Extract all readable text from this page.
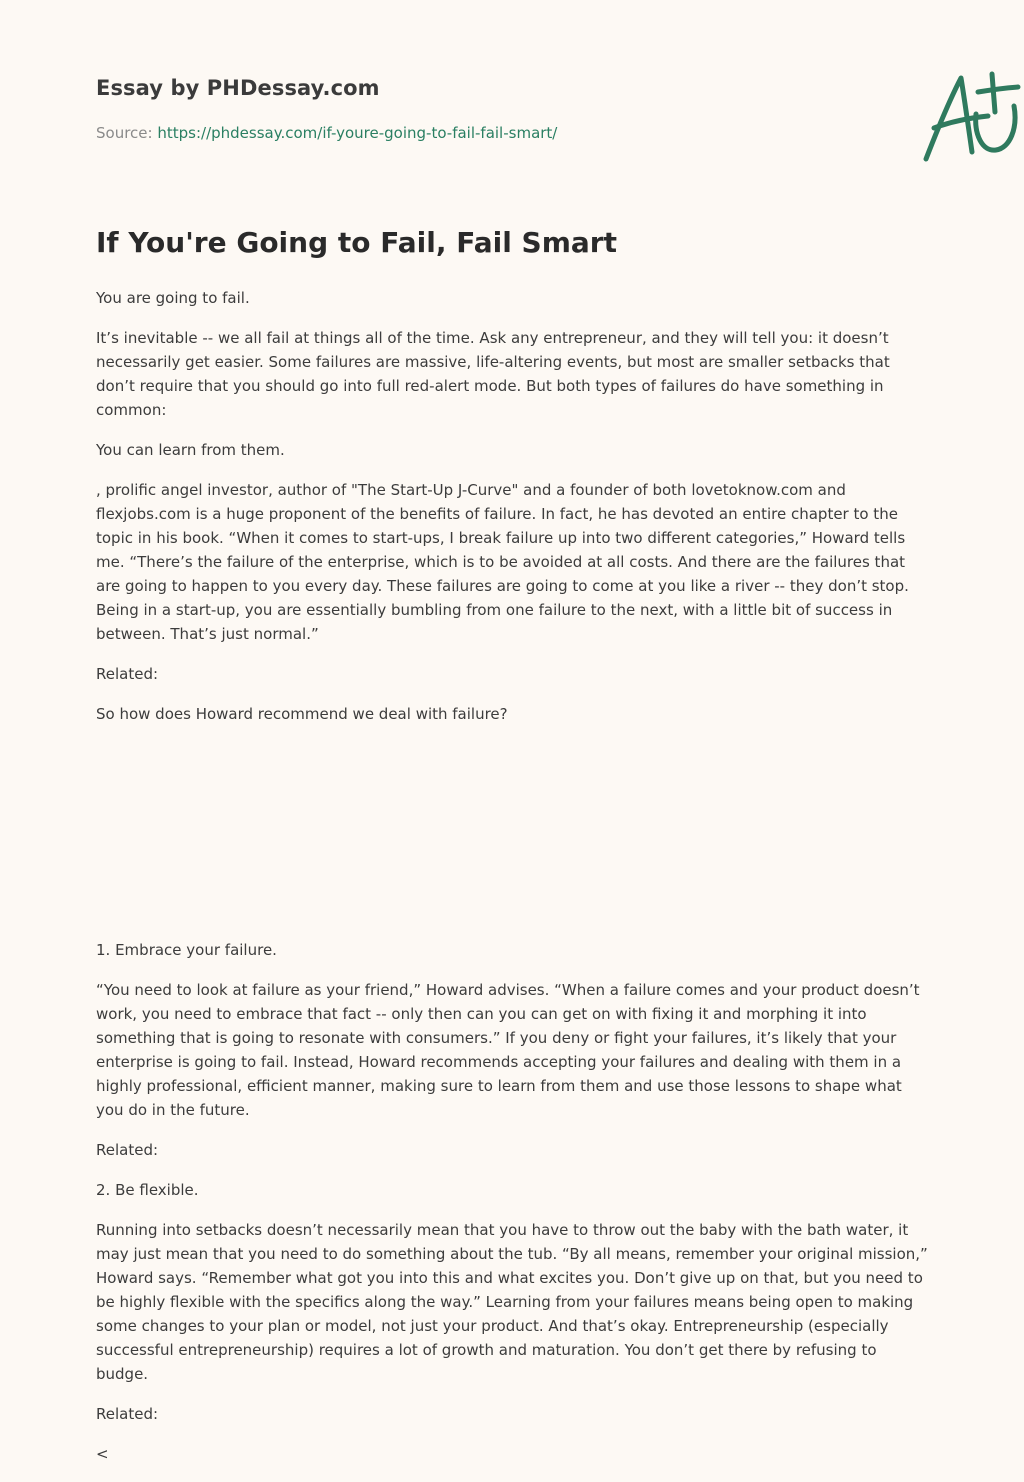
Essay by PHDessay.com
Source: https://phdessay.com/if-youre-going-to-fail-fail-smart/
If You're Going to Fail, Fail Smart

You are going to fail.

It’s inevitable -- we all fail at things all of the time. Ask any entrepreneur, and they will tell you: it doesn’t necessarily get easier. Some failures are massive, life-altering events, but most are smaller setbacks that don’t require that you should go into full red-alert mode. But both types of failures do have something in common:

You can learn from them.

, prolific angel investor, author of "The Start-Up J-Curve" and a founder of both lovetoknow.com and flexjobs.com is a huge proponent of the benefits of failure. In fact, he has devoted an entire chapter to the topic in his book. “When it comes to start-ups, I break failure up into two different categories,” Howard tells me. “There’s the failure of the enterprise, which is to be avoided at all costs. And there are the failures that are going to happen to you every day. These failures are going to come at you like a river -- they don’t stop. Being in a start-up, you are essentially bumbling from one failure to the next, with a little bit of success in between. That’s just normal.”

Related:

So how does Howard recommend we deal with failure?

1. Embrace your failure.

“You need to look at failure as your friend,” Howard advises. “When a failure comes and your product doesn’t work, you need to embrace that fact -- only then can you can get on with fixing it and morphing it into something that is going to resonate with consumers.” If you deny or fight your failures, it’s likely that your enterprise is going to fail. Instead, Howard recommends accepting your failures and dealing with them in a highly professional, efficient manner, making sure to learn from them and use those lessons to shape what you do in the future.

Related:

2. Be flexible.

Running into setbacks doesn’t necessarily mean that you have to throw out the baby with the bath water, it may just mean that you need to do something about the tub. “By all means, remember your original mission,” Howard says. “Remember what got you into this and what excites you. Don’t give up on that, but you need to be highly flexible with the specifics along the way.” Learning from your failures means being open to making some changes to your plan or model, not just your product. And that’s okay. Entrepreneurship (especially successful entrepreneurship) requires a lot of growth and maturation. You don’t get there by refusing to budge.

Related:

<
